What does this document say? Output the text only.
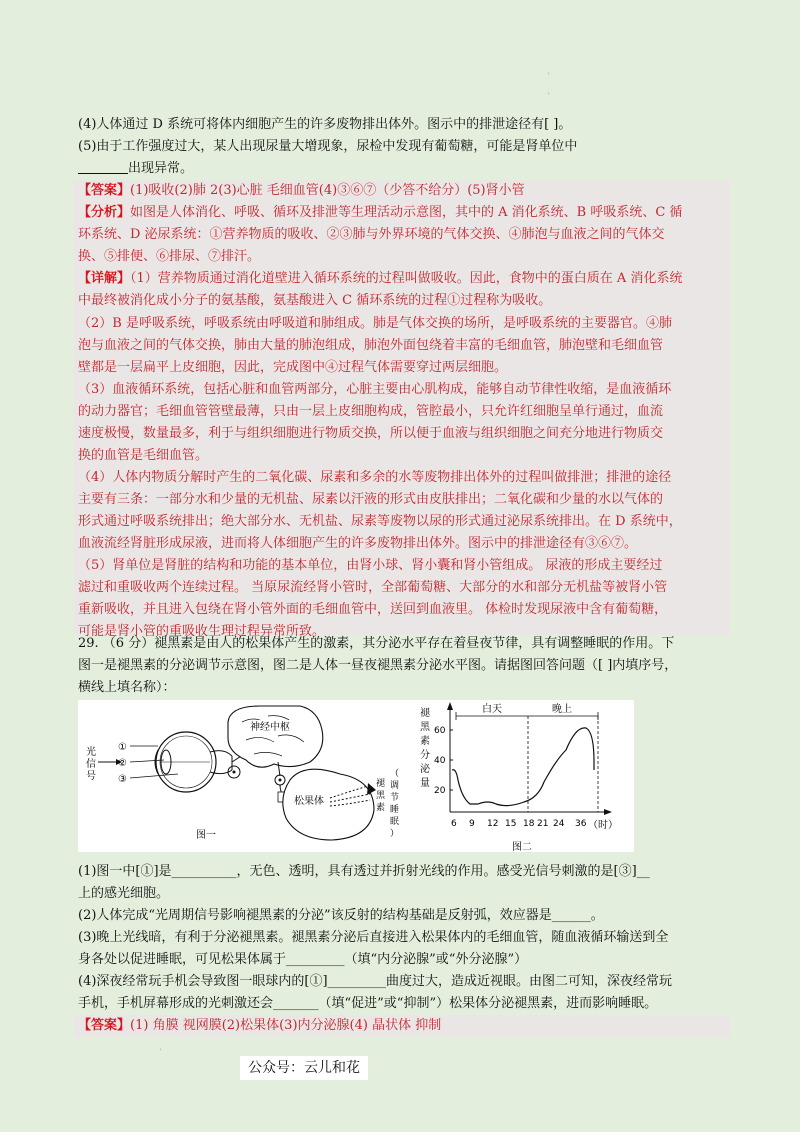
(4)人体通过 D 系统可将体内细胞产生的许多废物排出体外。图示中的排泄途径有[ ]。
(5)由于工作强度过大，某人出现尿量大增现象，尿检中发现有葡萄糖，可能是肾单位中
出现异常。
【答案】(1)吸收(2)肺 2(3)心脏 毛细血管(4)③⑥⑦（少答不给分）(5)肾小管
【分析】如图是人体消化、呼吸、循环及排泄等生理活动示意图，其中的 A 消化系统、B 呼吸系统、C 循
环系统、D 泌尿系统：①营养物质的吸收、②③肺与外界环境的气体交换、④肺泡与血液之间的气体交
换、⑤排便、⑥排尿、⑦排汗。
【详解】（1）营养物质通过消化道壁进入循环系统的过程叫做吸收。因此，食物中的蛋白质在 A 消化系统
中最终被消化成小分子的氨基酸，氨基酸进入 C 循环系统的过程①过程称为吸收。
（2）B 是呼吸系统，呼吸系统由呼吸道和肺组成。肺是气体交换的场所，是呼吸系统的主要器官。④肺
泡与血液之间的气体交换，肺由大量的肺泡组成，肺泡外面包绕着丰富的毛细血管，肺泡壁和毛细血管
壁都是一层扁平上皮细胞，因此，完成图中④过程气体需要穿过两层细胞。
（3）血液循环系统，包括心脏和血管两部分，心脏主要由心肌构成，能够自动节律性收缩，是血液循环
的动力器官；毛细血管管壁最薄，只由一层上皮细胞构成，管腔最小，只允许红细胞呈单行通过，血流
速度极慢，数量最多，利于与组织细胞进行物质交换，所以便于血液与组织细胞之间充分地进行物质交
换的血管是毛细血管。
（4）人体内物质分解时产生的二氧化碳、尿素和多余的水等废物排出体外的过程叫做排泄；排泄的途径
主要有三条：一部分水和少量的无机盐、尿素以汗液的形式由皮肤排出；二氧化碳和少量的水以气体的
形式通过呼吸系统排出；绝大部分水、无机盐、尿素等废物以尿的形式通过泌尿系统排出。在 D 系统中，
血液流经肾脏形成尿液，进而将人体细胞产生的许多废物排出体外。图示中的排泄途径有③⑥⑦。
（5）肾单位是肾脏的结构和功能的基本单位，由肾小球、肾小囊和肾小管组成。 尿液的形成主要经过
滤过和重吸收两个连续过程。 当原尿流经肾小管时，全部葡萄糖、大部分的水和部分无机盐等被肾小管
重新吸收，并且进入包绕在肾小管外面的毛细血管中，送回到血液里。 体检时发现尿液中含有葡萄糖，
可能是肾小管的重吸收生理过程异常所致。
29. （6 分）褪黑素是由人的松果体产生的激素，其分泌水平存在着昼夜节律，具有调整睡眠的作用。下
图一是褪黑素的分泌调节示意图，图二是人体一昼夜褪黑素分泌水平图。请据图回答问题（[ ]内填序号，
横线上填名称）：
光
信
号
①
②
③
神经中枢
松果体
褪
黑
素
（
调
节
睡
眠
）
图一
褪
黑
素
分
泌
量
20
40
60
6 9 12 15 18 21 24 36
白天	晚上
（时）
图二
(1)图一中[①]是__________，无色、透明，具有透过并折射光线的作用。感受光信号刺激的是[③]__
上的感光细胞。
(2)人体完成“光周期信号影响褪黑素的分泌”该反射的结构基础是反射弧，效应器是______。
(3)晚上光线暗，有利于分泌褪黑素。褪黑素分泌后直接进入松果体内的毛细血管，随血液循环输送到全
身各处以促进睡眠，可见松果体属于_________（填“内分泌腺”或“外分泌腺”）
(4)深夜经常玩手机会导致图一眼球内的[①]_________曲度过大，造成近视眼。由图二可知，深夜经常玩
手机，手机屏幕形成的光刺激还会_______（填“促进”或“抑制”）松果体分泌褪黑素，进而影响睡眠。
【答案】(1) 角膜 视网膜(2)松果体(3)内分泌腺(4) 晶状体 抑制
公众号：云儿和花
'
'
'
